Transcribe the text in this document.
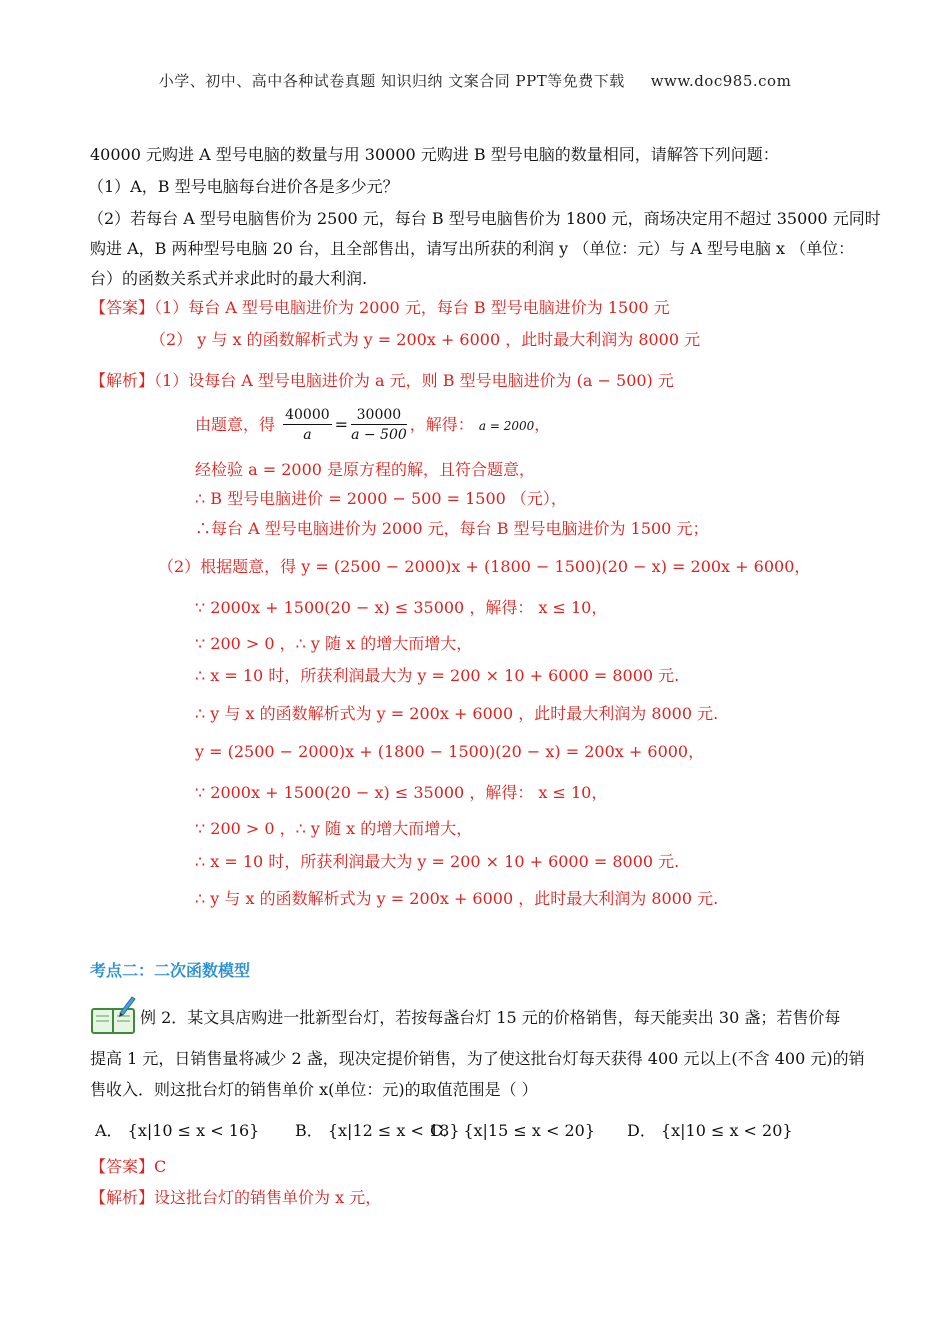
小学、初中、高中各种试卷真题 知识归纳 文案合同 PPT等免费下载 www.doc985.com
40000 元购进 A 型号电脑的数量与用 30000 元购进 B 型号电脑的数量相同，请解答下列问题：
（1）A，B 型号电脑每台进价各是多少元？
（2）若每台 A 型号电脑售价为 2500 元，每台 B 型号电脑售价为 1800 元，商场决定用不超过 35000 元同时
购进 A，B 两种型号电脑 20 台，且全部售出，请写出所获的利润 y （单位：元）与 A 型号电脑 x （单位：
台）的函数关系式并求此时的最大利润.
【答案】（1）每台 A 型号电脑进价为 2000 元，每台 B 型号电脑进价为 1500 元
（2） y 与 x 的函数解析式为 y = 200x + 6000 ，此时最大利润为 8000 元
【解析】（1）设每台 A 型号电脑进价为 a 元，则 B 型号电脑进价为 (a − 500) 元
由题意，得 $\frac{40000}{a} = \frac{30000}{a - 500}$ ，解得： a = 2000，
经检验 a = 2000 是原方程的解，且符合题意，
∴ B 型号电脑进价 = 2000 − 500 = 1500 （元），
∴每台 A 型号电脑进价为 2000 元，每台 B 型号电脑进价为 1500 元；
（2）根据题意，得 y = (2500 − 2000)x + (1800 − 1500)(20 − x) = 200x + 6000，
∵ 2000x + 1500(20 − x) ≤ 35000 ，解得： x ≤ 10，
∵ 200 > 0 ，∴ y 随 x 的增大而增大，
∴ x = 10 时，所获利润最大为 y = 200 × 10 + 6000 = 8000 元.
∴ y 与 x 的函数解析式为 y = 200x + 6000 ，此时最大利润为 8000 元.
y = (2500 − 2000)x + (1800 − 1500)(20 − x) = 200x + 6000，
∵ 2000x + 1500(20 − x) ≤ 35000 ，解得： x ≤ 10，
∵ 200 > 0 ，∴ y 随 x 的增大而增大，
∴ x = 10 时，所获利润最大为 y = 200 × 10 + 6000 = 8000 元.
∴ y 与 x 的函数解析式为 y = 200x + 6000 ，此时最大利润为 8000 元.
考点二：二次函数模型
例 2．某文具店购进一批新型台灯，若按每盏台灯 15 元的价格销售，每天能卖出 30 盏；若售价每
提高 1 元，日销售量将减少 2 盏，现决定提价销售，为了使这批台灯每天获得 400 元以上(不含 400 元)的销
售收入．则这批台灯的销售单价 x(单位：元)的取值范围是（ ）
A． {x|10 ≤ x < 16} B． {x|12 ≤ x < 18}
C． {x|15 ≤ x < 20} D． {x|10 ≤ x < 20}
【答案】C
【解析】设这批台灯的销售单价为 x 元，
